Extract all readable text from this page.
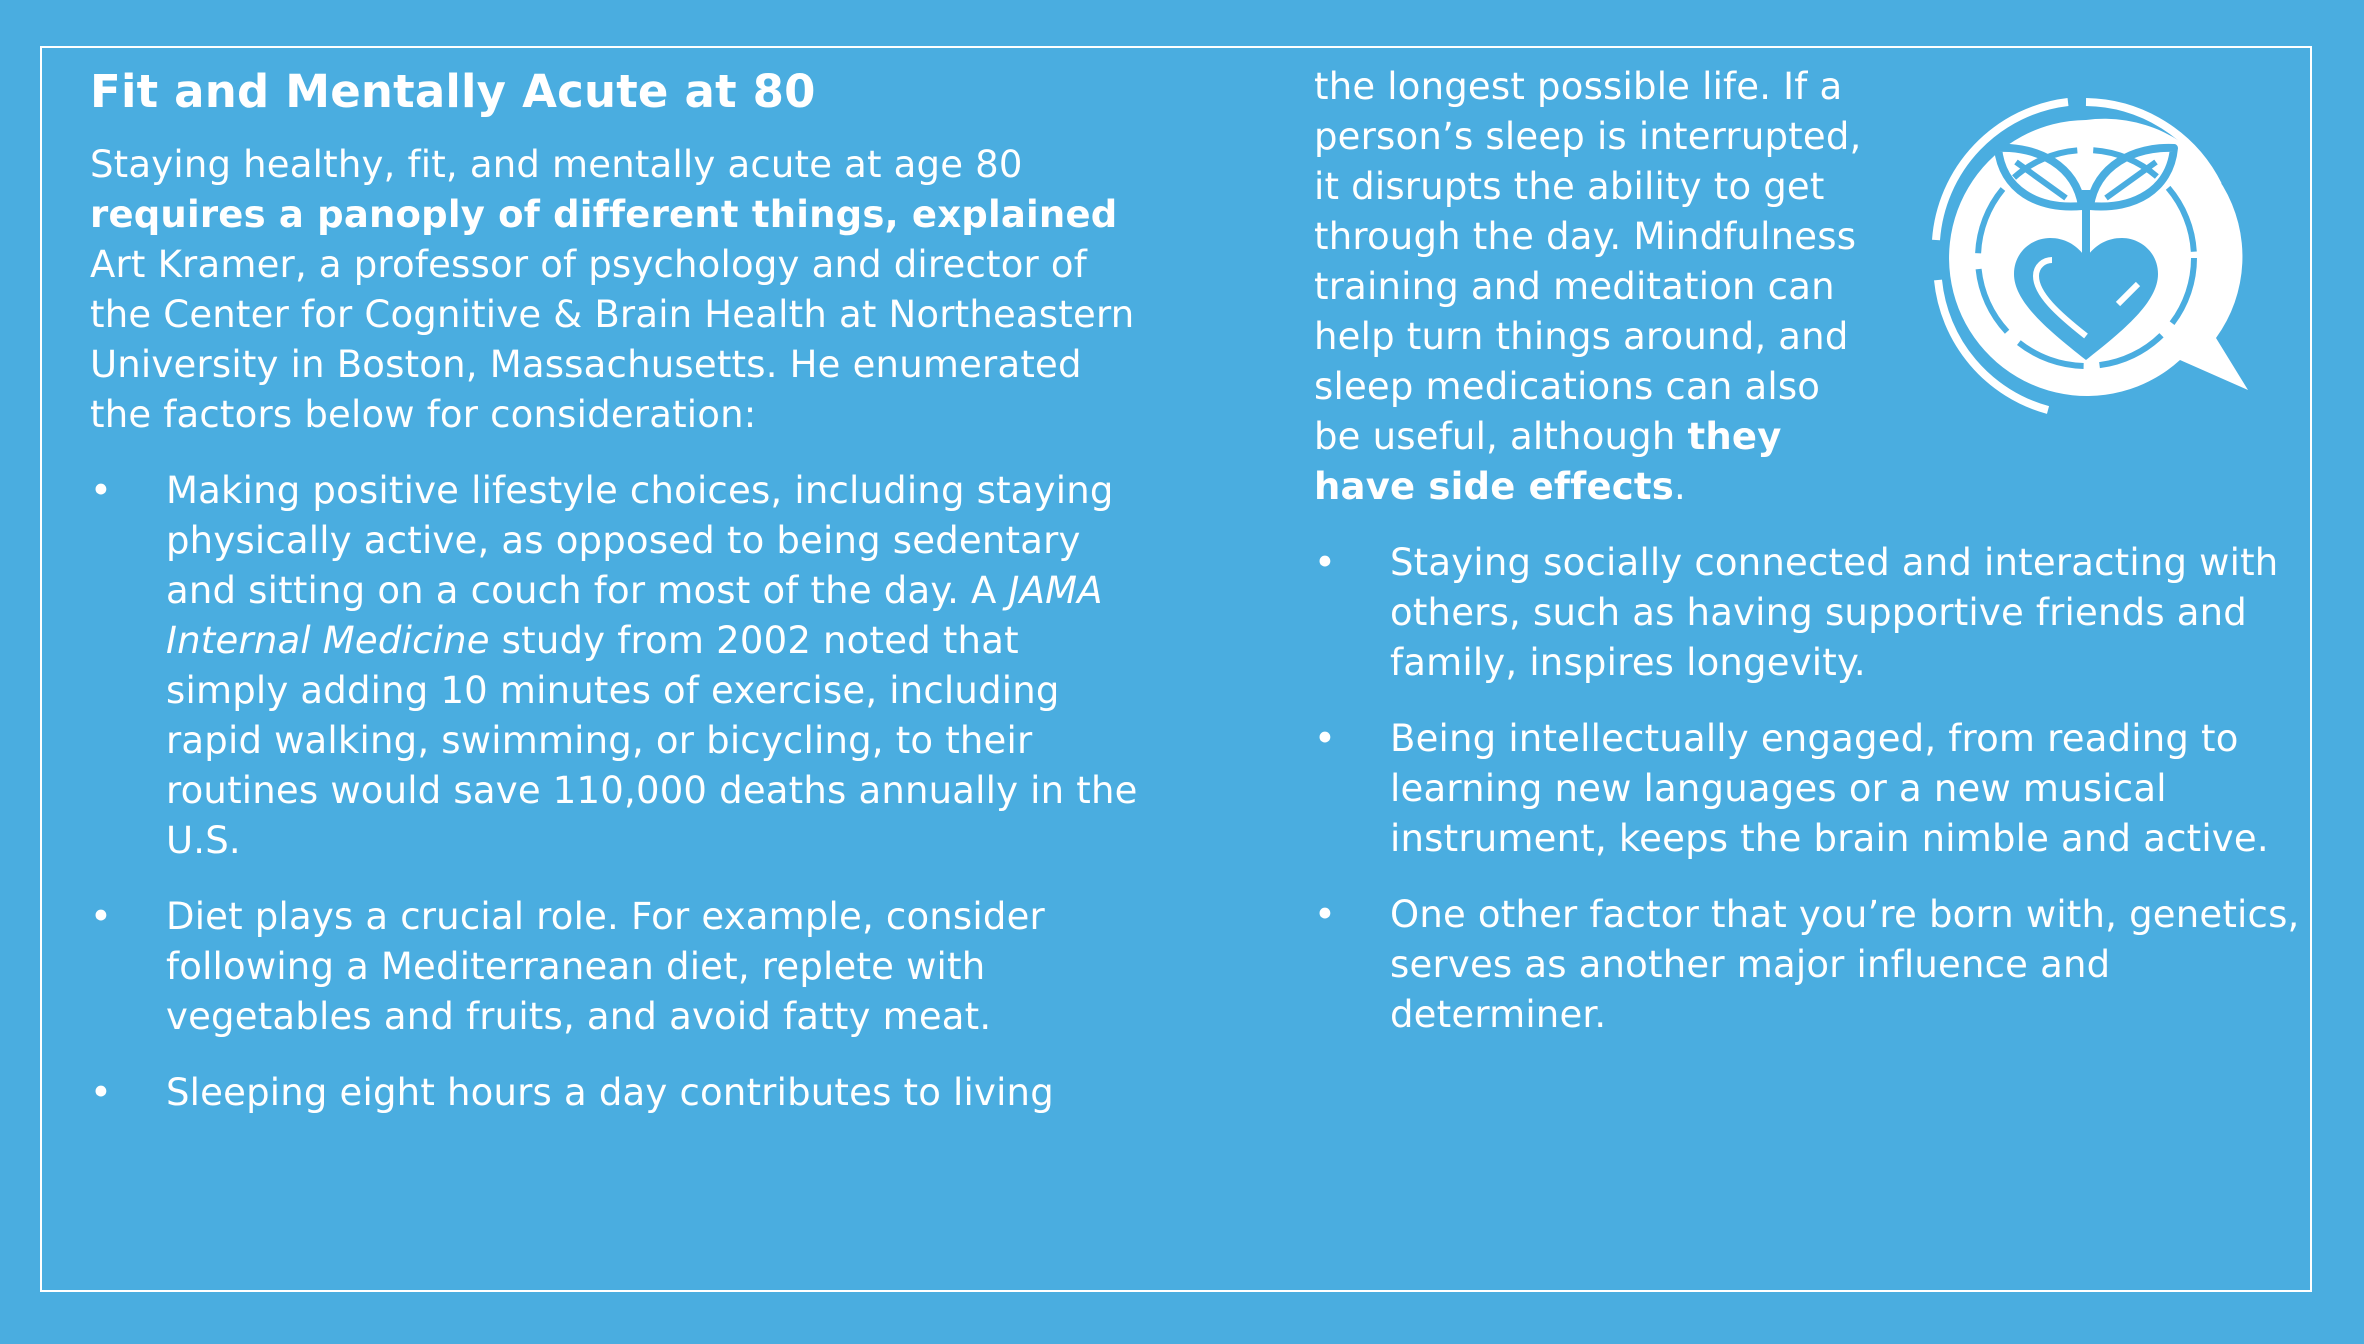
Fit and Mentally Acute at 80

Staying healthy, fit, and mentally acute at age 80 requires a panoply of different things, explained Art Kramer, a professor of psychology and director of the Center for Cognitive & Brain Health at Northeastern University in Boston, Massachusetts. He enumerated the factors below for consideration:

•	Making positive lifestyle choices, including staying physically active, as opposed to being sedentary and sitting on a couch for most of the day. A JAMA Internal Medicine study from 2002 noted that simply adding 10 minutes of exercise, including rapid walking, swimming, or bicycling, to their routines would save 110,000 deaths annually in the U.S.
•	Diet plays a crucial role. For example, consider following a Mediterranean diet, replete with vegetables and fruits, and avoid fatty meat.
•	Sleeping eight hours a day contributes to living

the longest possible life. If a person’s sleep is interrupted, it disrupts the ability to get through the day. Mindfulness training and meditation can help turn things around, and sleep medications can also be useful, although they have side effects.

•	Staying socially connected and interacting with others, such as having supportive friends and family, inspires longevity.
•	Being intellectually engaged, from reading to learning new languages or a new musical instrument, keeps the brain nimble and active.
•	One other factor that you’re born with, genetics, serves as another major influence and determiner.
